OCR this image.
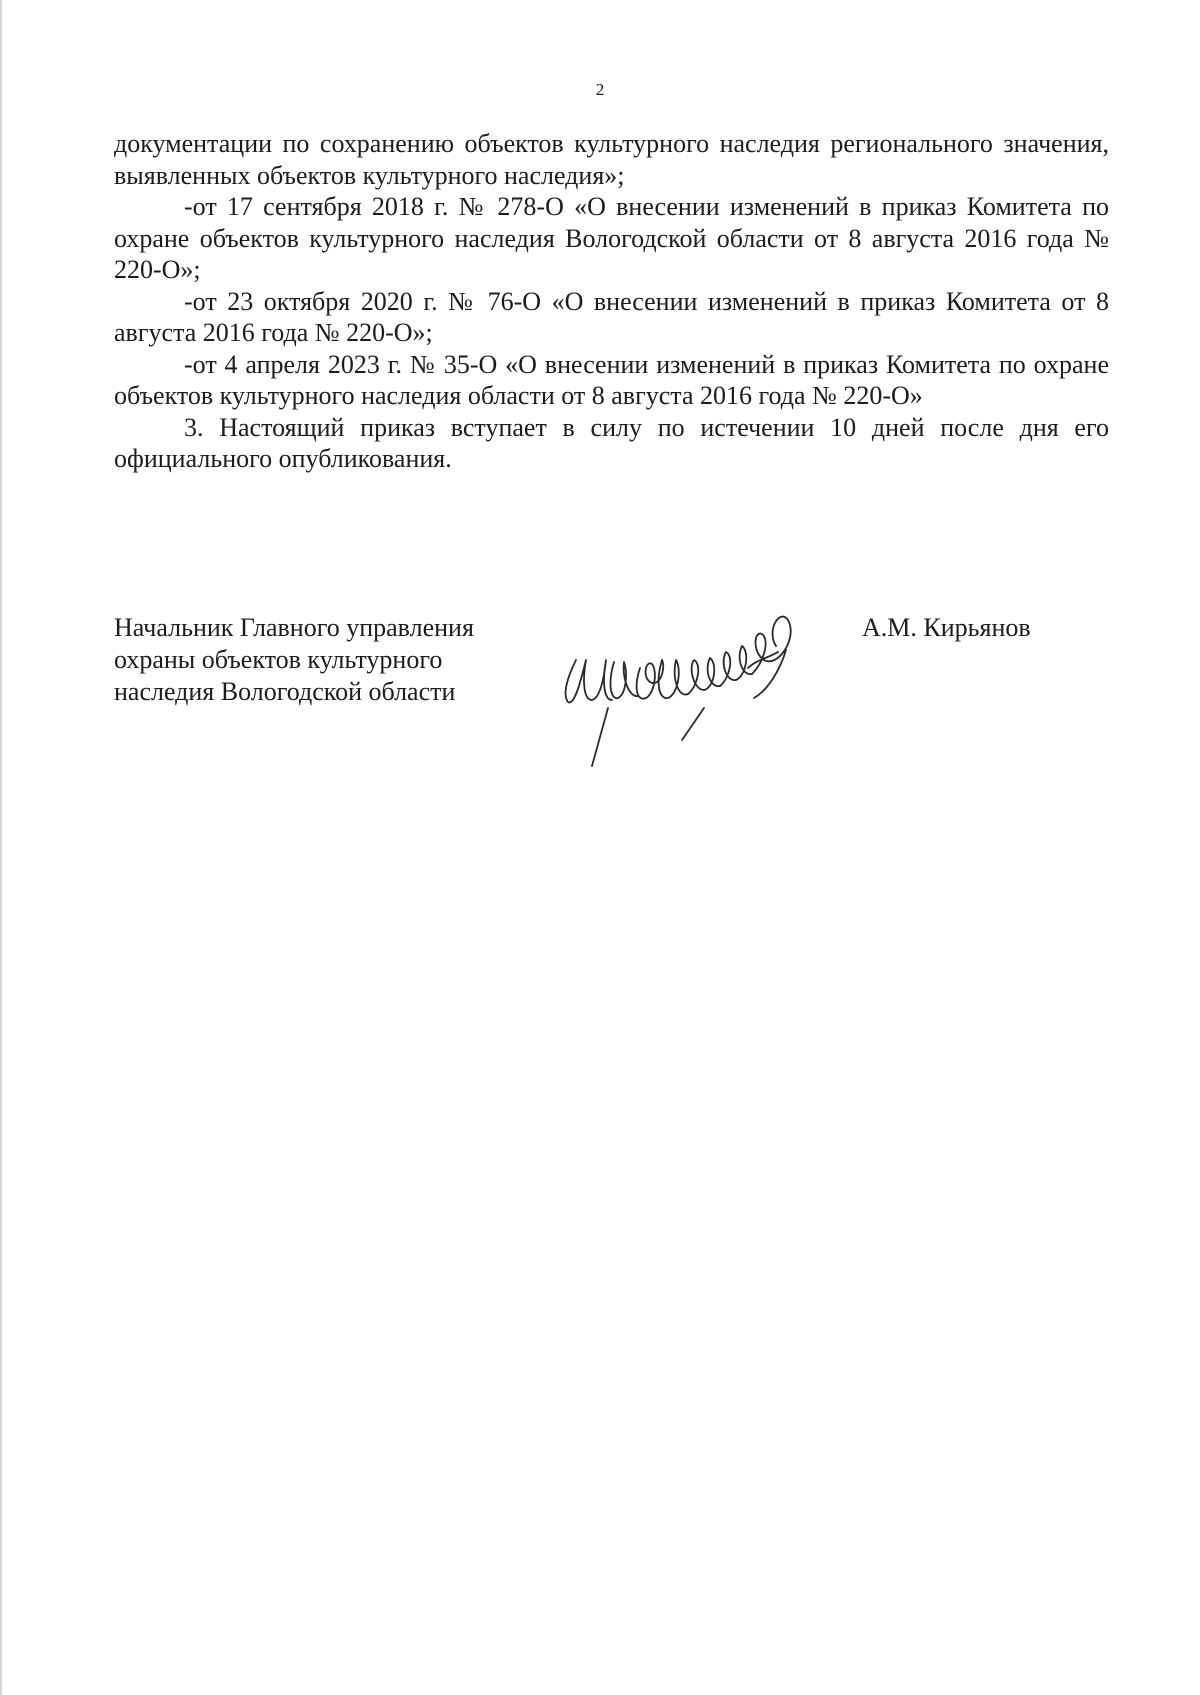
2

документации по сохранению объектов культурного наследия регионального значения, выявленных объектов культурного наследия»;

-от 17 сентября 2018 г. № 278-О «О внесении изменений в приказ Комитета по охране объектов культурного наследия Вологодской области от 8 августа 2016 года № 220-О»;

-от 23 октября 2020 г. № 76-О «О внесении изменений в приказ Комитета от 8 августа 2016 года № 220-О»;

-от 4 апреля 2023 г. № 35-О «О внесении изменений в приказ Комитета по охране объектов культурного наследия области от 8 августа 2016 года № 220-О»

3. Настоящий приказ вступает в силу по истечении 10 дней после дня его официального опубликования.

Начальник Главного управления
охраны объектов культурного
наследия Вологодской области
А.М. Кирьянов
